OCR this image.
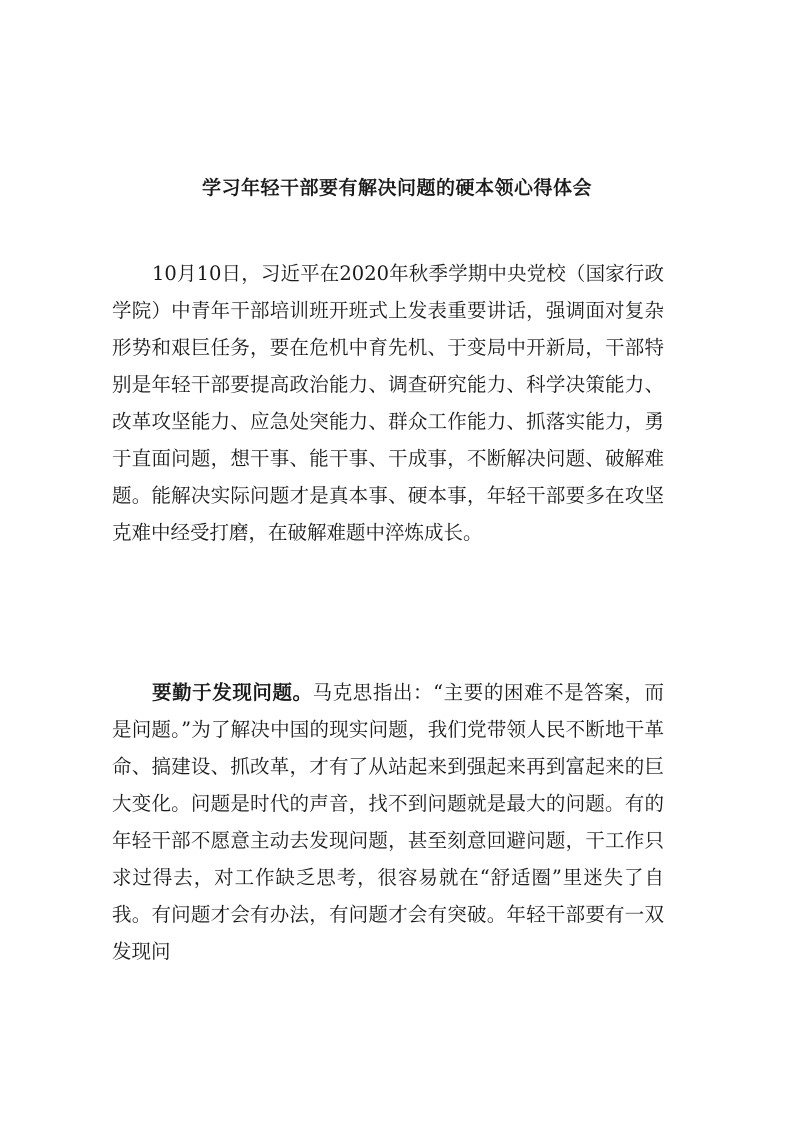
学习年轻干部要有解决问题的硬本领心得体会

10月10日，习近平在2020年秋季学期中央党校（国家行政学院）中青年干部培训班开班式上发表重要讲话，强调面对复杂形势和艰巨任务，要在危机中育先机、于变局中开新局，干部特别是年轻干部要提高政治能力、调查研究能力、科学决策能力、改革攻坚能力、应急处突能力、群众工作能力、抓落实能力，勇于直面问题，想干事、能干事、干成事，不断解决问题、破解难题。能解决实际问题才是真本事、硬本事，年轻干部要多在攻坚克难中经受打磨，在破解难题中淬炼成长。

要勤于发现问题。马克思指出：“主要的困难不是答案，而是问题。”为了解决中国的现实问题，我们党带领人民不断地干革命、搞建设、抓改革，才有了从站起来到强起来再到富起来的巨大变化。问题是时代的声音，找不到问题就是最大的问题。有的年轻干部不愿意主动去发现问题，甚至刻意回避问题，干工作只求过得去，对工作缺乏思考，很容易就在“舒适圈”里迷失了自我。有问题才会有办法，有问题才会有突破。年轻干部要有一双发现问
